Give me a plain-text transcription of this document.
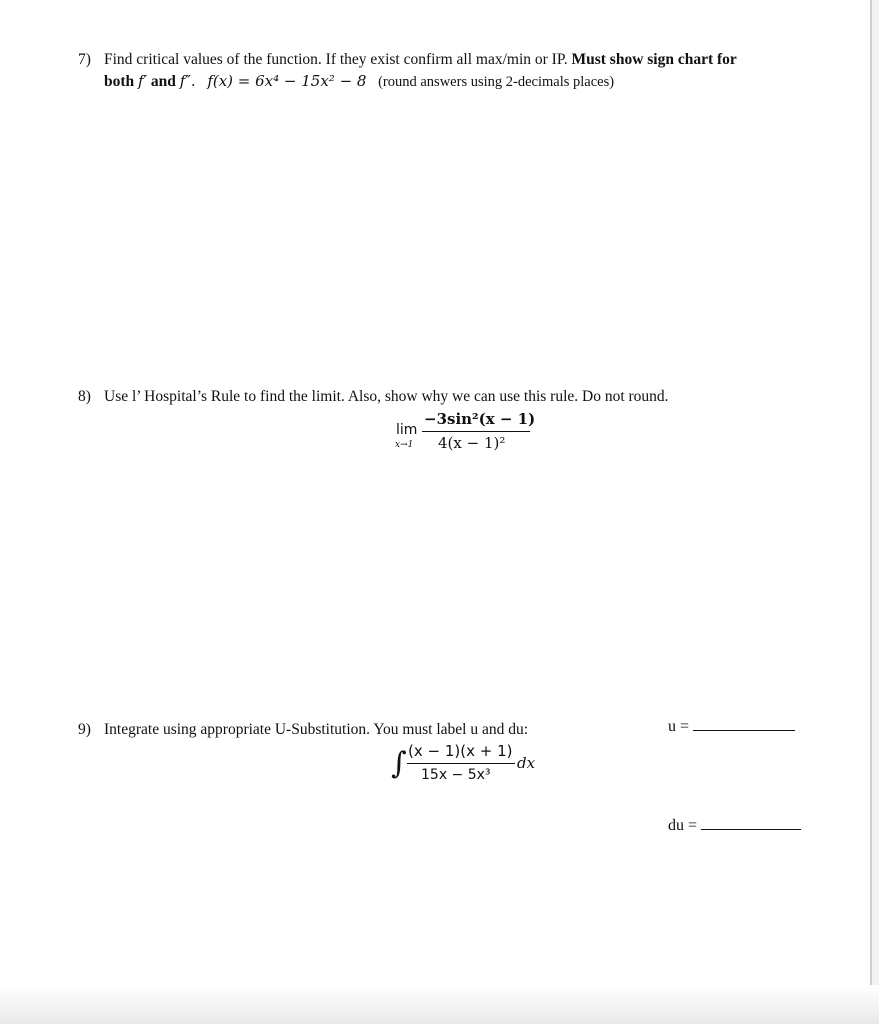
7) Find critical values of the function. If they exist confirm all max/min or IP. Must show sign chart for
both f′ and f″. f(x) = 6x⁴ − 15x² − 8 (round answers using 2-decimals places)
8) Use l’ Hospital’s Rule to find the limit. Also, show why we can use this rule. Do not round.
lim
x→1
−3sin²(x − 1)
4(x − 1)²
9) Integrate using appropriate U-Substitution. You must label u and du:
∫ (x − 1)(x + 1)
15x − 5x³
dx
u =
du =
